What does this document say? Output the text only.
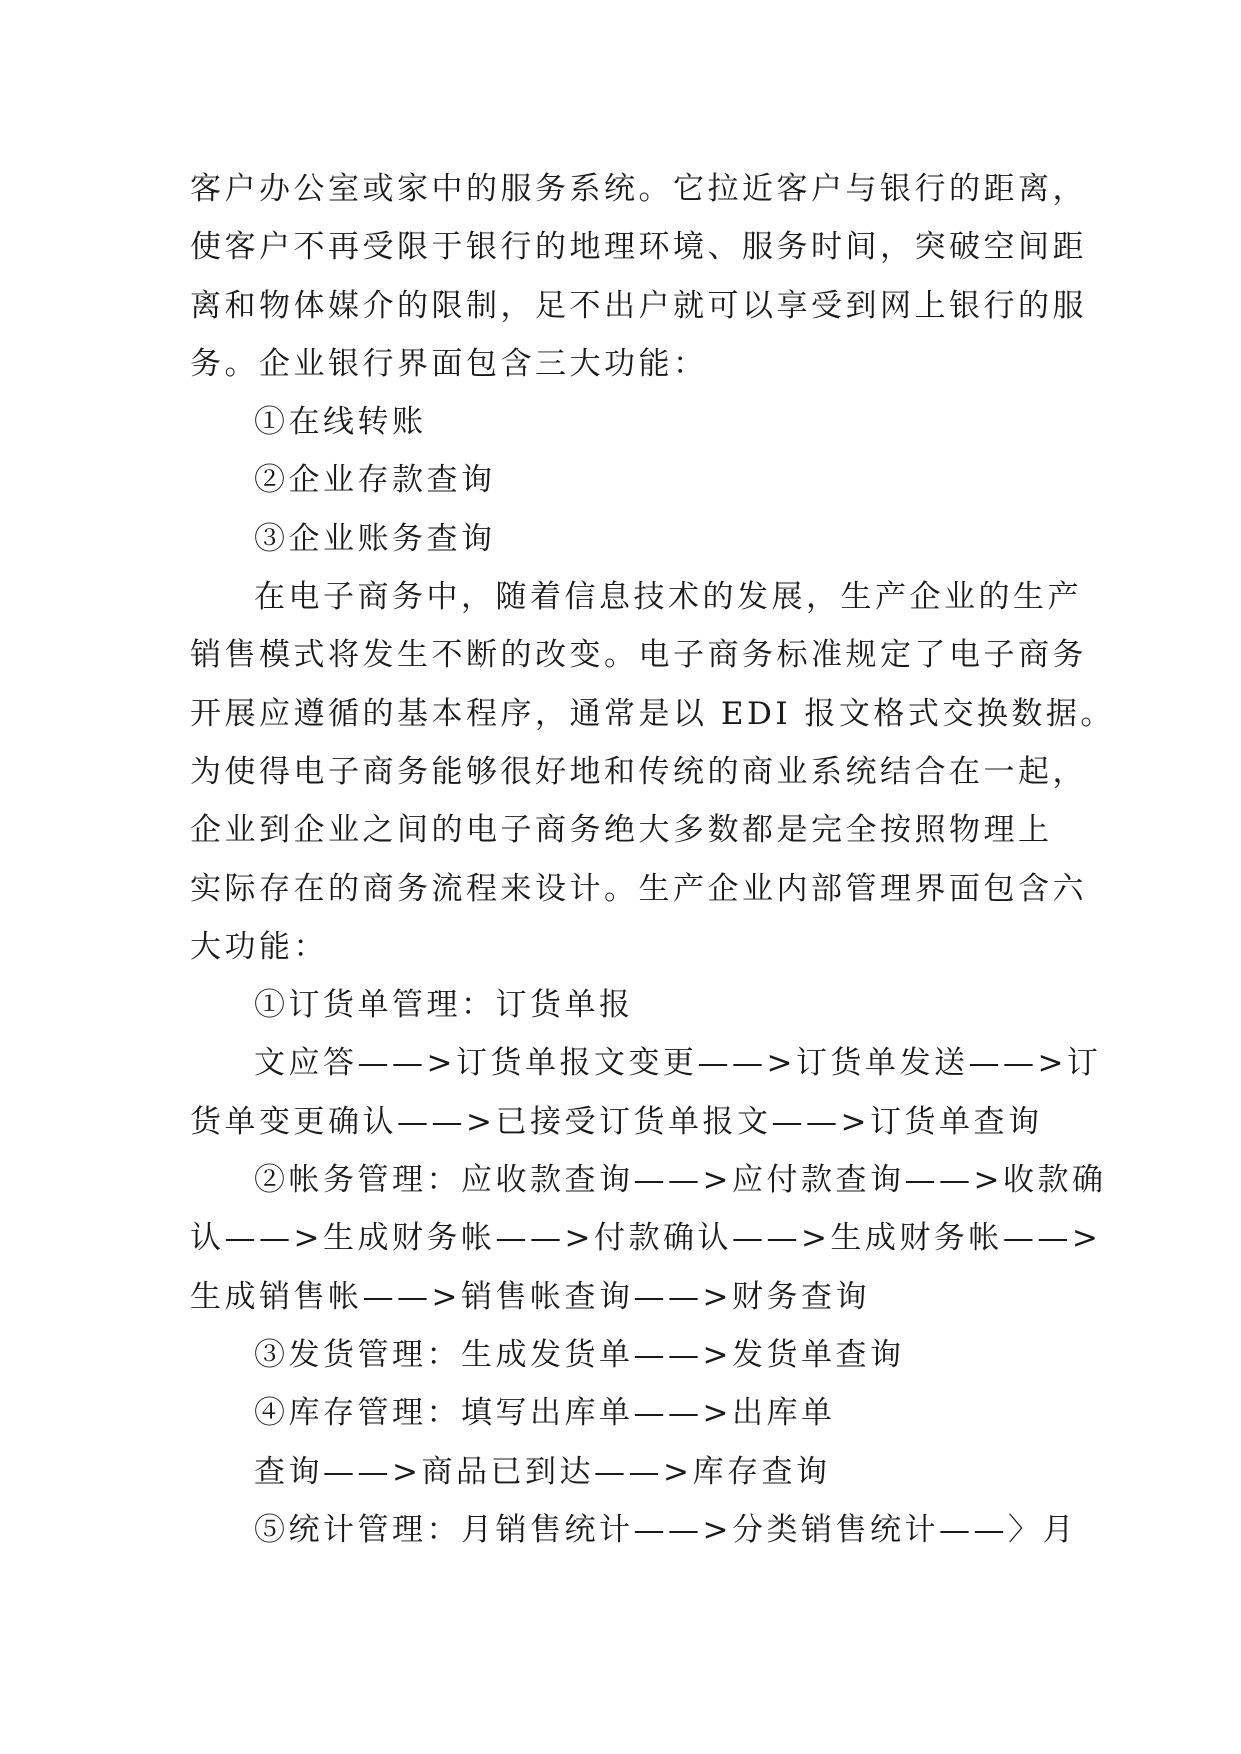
客户办公室或家中的服务系统。它拉近客户与银行的距离，
使客户不再受限于银行的地理环境、服务时间，突破空间距
离和物体媒介的限制，足不出户就可以享受到网上银行的服
务。企业银行界面包含三大功能：
①在线转账
②企业存款查询
③企业账务查询
在电子商务中，随着信息技术的发展，生产企业的生产
销售模式将发生不断的改变。电子商务标准规定了电子商务
开展应遵循的基本程序，通常是以 EDI 报文格式交换数据。
为使得电子商务能够很好地和传统的商业系统结合在一起，
企业到企业之间的电子商务绝大多数都是完全按照物理上
实际存在的商务流程来设计。生产企业内部管理界面包含六
大功能：
①订货单管理：订货单报
文应答——>订货单报文变更——>订货单发送——>订
货单变更确认——>已接受订货单报文——>订货单查询
②帐务管理：应收款查询——>应付款查询——>收款确
认——>生成财务帐——>付款确认——>生成财务帐——>
生成销售帐——>销售帐查询——>财务查询
③发货管理：生成发货单——>发货单查询
④库存管理：填写出库单——>出库单
查询——>商品已到达——>库存查询
⑤统计管理：月销售统计——>分类销售统计——〉月
